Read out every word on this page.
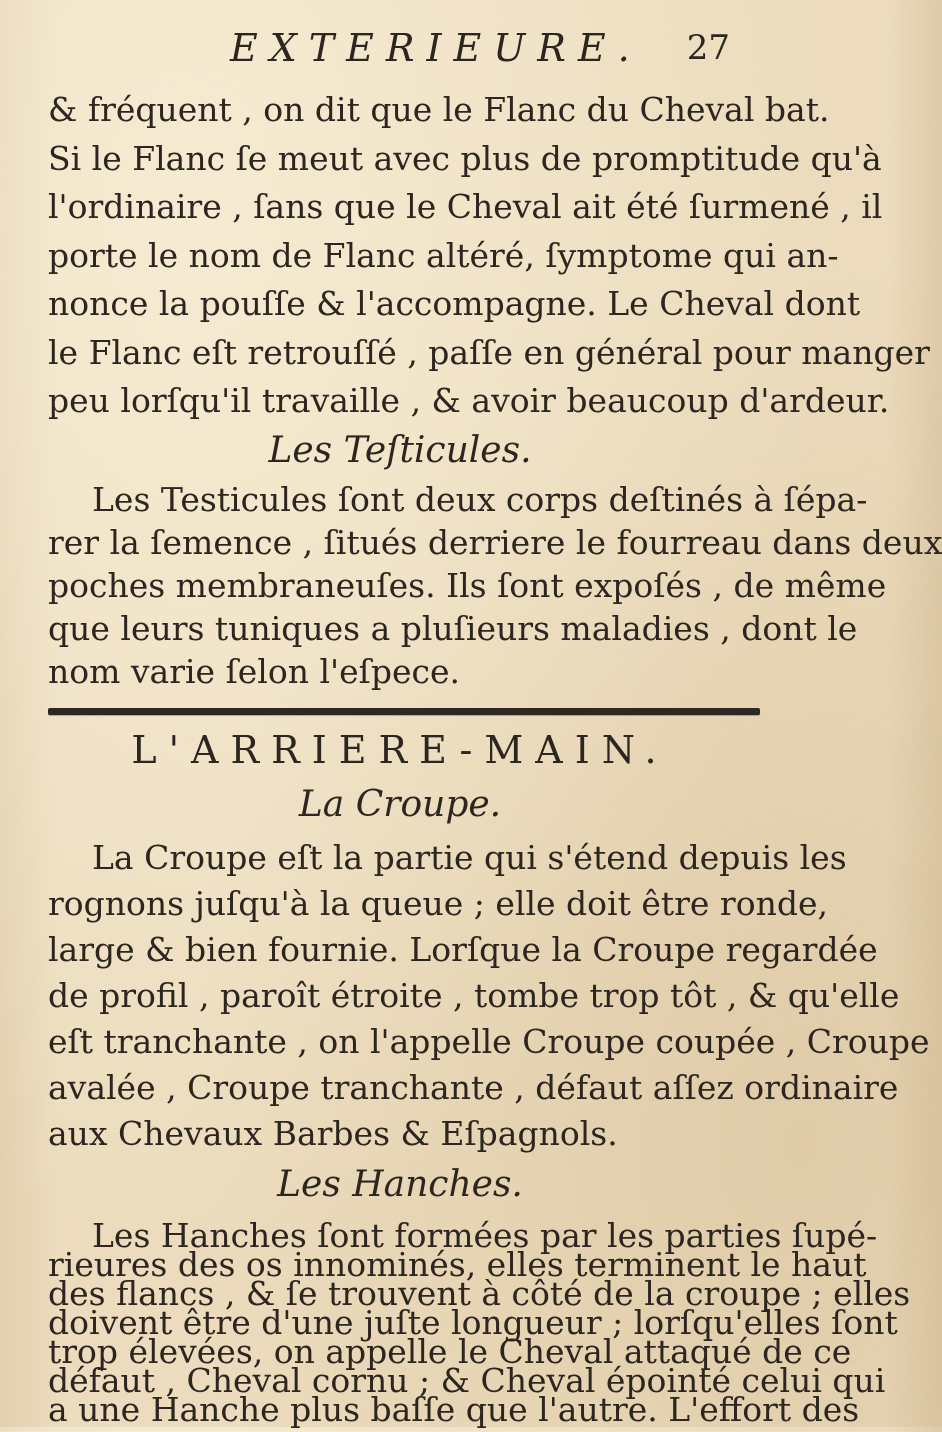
EXTERIEURE. 27
& fréquent , on dit que le Flanc du Cheval bat.
Si le Flanc ſe meut avec plus de promptitude qu'à
l'ordinaire , ſans que le Cheval ait été ſurmené , il
porte le nom de Flanc altéré, ſymptome qui an-
nonce la pouſſe & l'accompagne. Le Cheval dont
le Flanc eſt retrouſſé , paſſe en général pour manger
peu lorſqu'il travaille , & avoir beaucoup d'ardeur.
Les Teſticules.
Les Testicules ſont deux corps deſtinés à ſépa-
rer la ſemence , ſitués derriere le fourreau dans deux
poches membraneuſes. Ils ſont expoſés , de même
que leurs tuniques a pluſieurs maladies , dont le
nom varie ſelon l'eſpece.
L'ARRIERE-MAIN.
La Croupe.
La Croupe eſt la partie qui s'étend depuis les
rognons juſqu'à la queue ; elle doit être ronde,
large & bien fournie. Lorſque la Croupe regardée
de profil , paroît étroite , tombe trop tôt , & qu'elle
eſt tranchante , on l'appelle Croupe coupée , Croupe
avalée , Croupe tranchante , défaut aſſez ordinaire
aux Chevaux Barbes & Eſpagnols.
Les Hanches.
Les Hanches ſont formées par les parties ſupé-
rieures des os innominés, elles terminent le haut
des flancs , & ſe trouvent à côté de la croupe ; elles
doivent être d'une juſte longueur ; lorſqu'elles ſont
trop élevées, on appelle le Cheval attaqué de ce
défaut , Cheval cornu ; & Cheval épointé celui qui
a une Hanche plus baſſe que l'autre. L'effort des
